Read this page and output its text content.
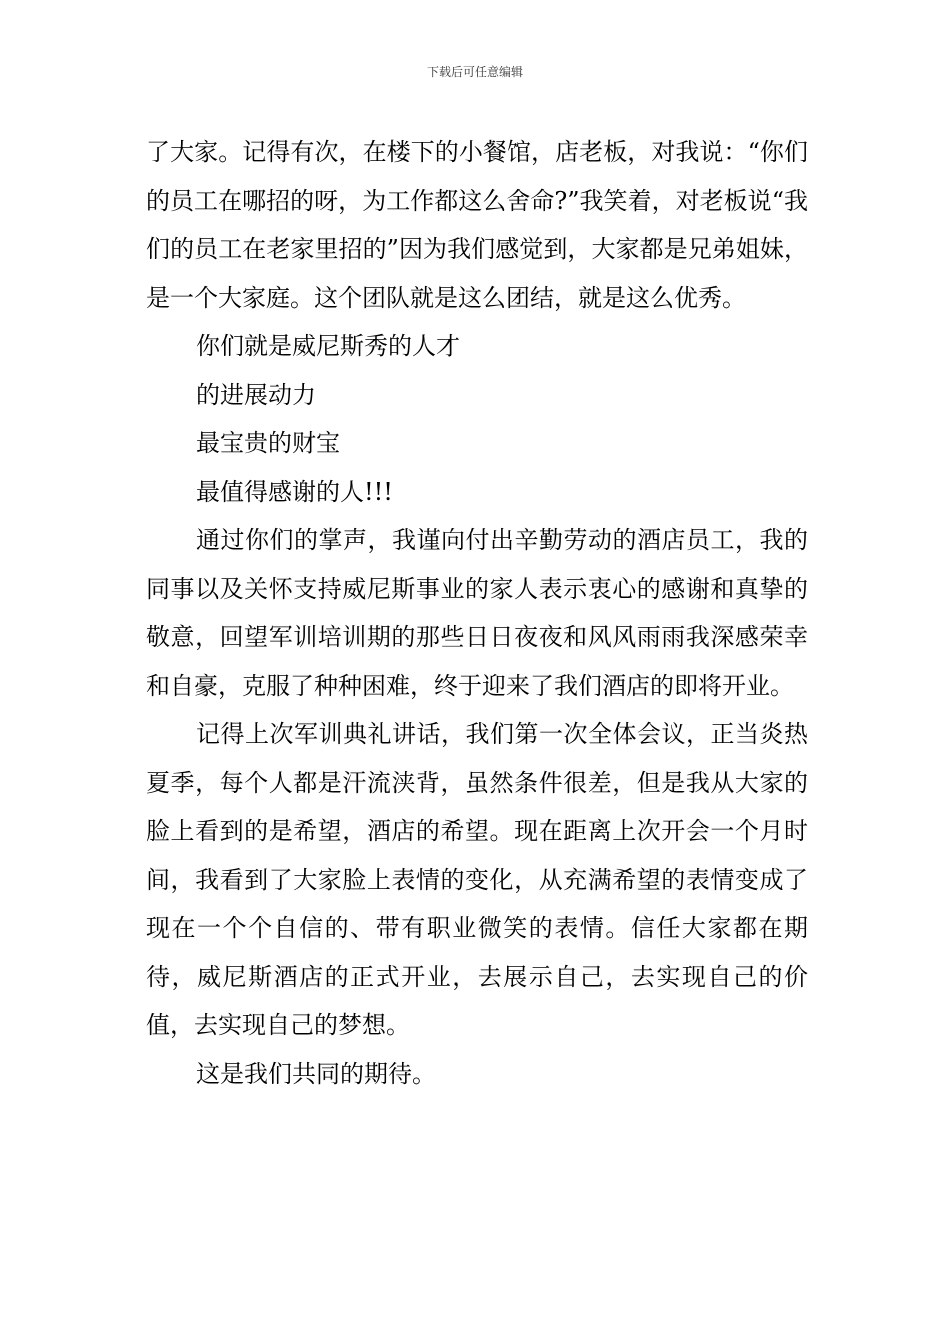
下载后可任意编辑

了大家。记得有次，在楼下的小餐馆，店老板，对我说：“你们的员工在哪招的呀，为工作都这么舍命?”我笑着，对老板说“我们的员工在老家里招的”因为我们感觉到，大家都是兄弟姐妹，是一个大家庭。这个团队就是这么团结，就是这么优秀。

你们就是威尼斯秀的人才

的进展动力

最宝贵的财宝

最值得感谢的人!!!

通过你们的掌声，我谨向付出辛勤劳动的酒店员工，我的同事以及关怀支持威尼斯事业的家人表示衷心的感谢和真挚的敬意，回望军训培训期的那些日日夜夜和风风雨雨我深感荣幸和自豪，克服了种种困难，终于迎来了我们酒店的即将开业。

记得上次军训典礼讲话，我们第一次全体会议，正当炎热夏季，每个人都是汗流浃背，虽然条件很差，但是我从大家的脸上看到的是希望，酒店的希望。现在距离上次开会一个月时间，我看到了大家脸上表情的变化，从充满希望的表情变成了现在一个个自信的、带有职业微笑的表情。信任大家都在期待，威尼斯酒店的正式开业，去展示自己，去实现自己的价值，去实现自己的梦想。

这是我们共同的期待。
